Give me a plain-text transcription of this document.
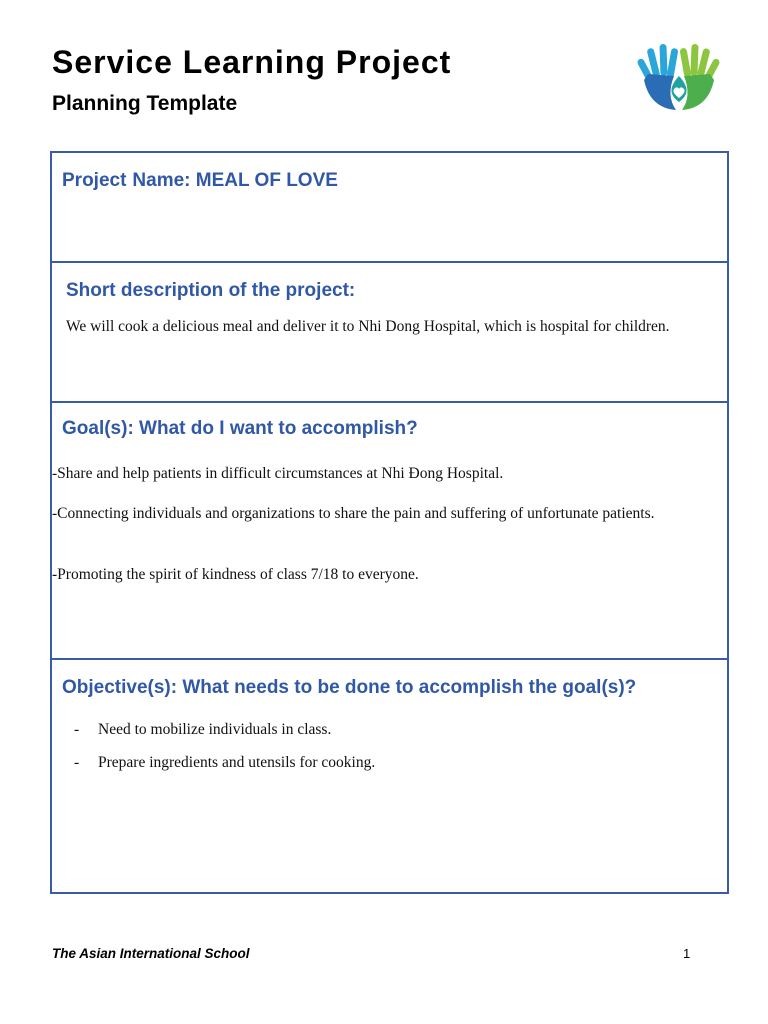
Service Learning Project
Planning Template

Project Name: MEAL OF LOVE

Short description of the project:

We will cook a delicious meal and deliver it to Nhi Dong Hospital, which is hospital for children.

Goal(s): What do I want to accomplish?

-Share and help patients in difficult circumstances at Nhi Đong Hospital.

-Connecting individuals and organizations to share the pain and suffering of unfortunate patients.

-Promoting the spirit of kindness of class 7/18 to everyone.

Objective(s): What needs to be done to accomplish the goal(s)?

- Need to mobilize individuals in class.

- Prepare ingredients and utensils for cooking.

The Asian International School	1
